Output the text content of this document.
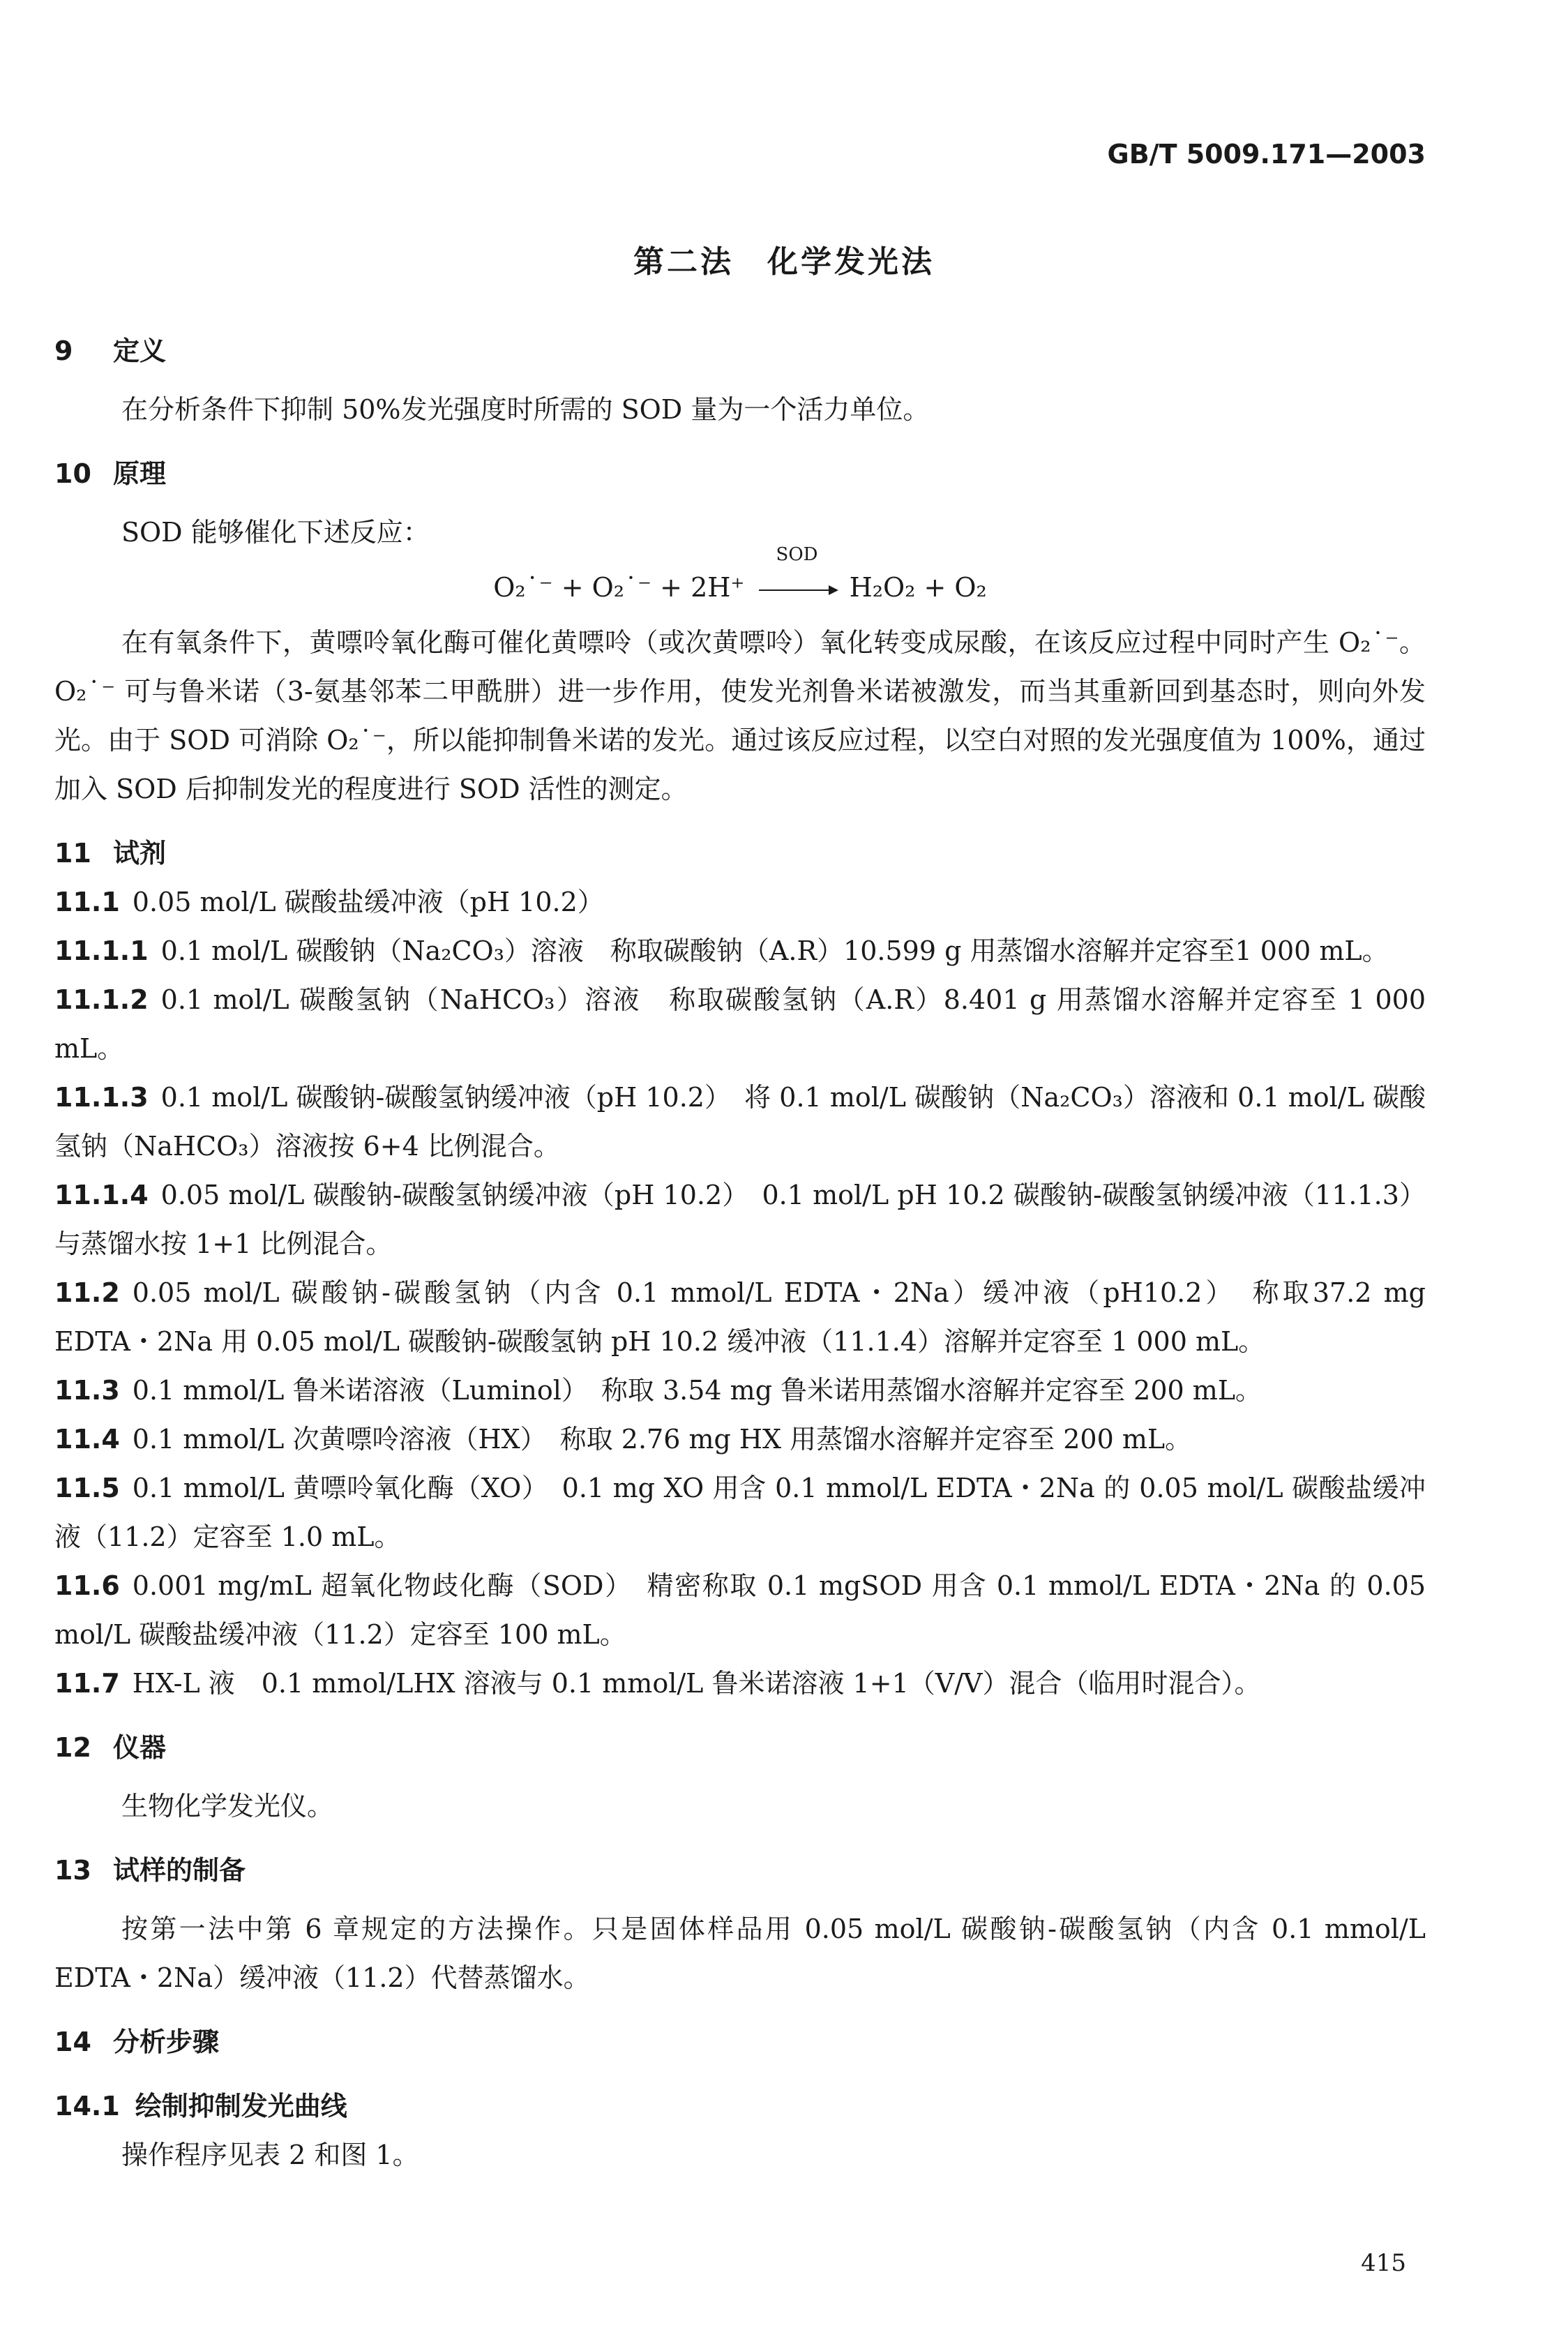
GB/T 5009.171—2003
第二法　化学发光法
9 定义

在分析条件下抑制 50%发光强度时所需的 SOD 量为一个活力单位。

10 原理

SOD 能够催化下述反应：

O₂˙⁻ + O₂˙⁻ + 2H⁺
SOD
H₂O₂ + O₂

在有氧条件下，黄嘌呤氧化酶可催化黄嘌呤（或次黄嘌呤）氧化转变成尿酸，在该反应过程中同时产生 O₂˙⁻。O₂˙⁻ 可与鲁米诺（3-氨基邻苯二甲酰肼）进一步作用，使发光剂鲁米诺被激发，而当其重新回到基态时，则向外发光。由于 SOD 可消除 O₂˙⁻，所以能抑制鲁米诺的发光。通过该反应过程，以空白对照的发光强度值为 100%，通过加入 SOD 后抑制发光的程度进行 SOD 活性的测定。

11 试剂

11.1 0.05 mol/L 碳酸盐缓冲液（pH 10.2）

11.1.1 0.1 mol/L 碳酸钠（Na₂CO₃）溶液　称取碳酸钠（A.R）10.599 g 用蒸馏水溶解并定容至1 000 mL。

11.1.2 0.1 mol/L 碳酸氢钠（NaHCO₃）溶液　称取碳酸氢钠（A.R）8.401 g 用蒸馏水溶解并定容至 1 000 mL。

11.1.3 0.1 mol/L 碳酸钠-碳酸氢钠缓冲液（pH 10.2）　将 0.1 mol/L 碳酸钠（Na₂CO₃）溶液和 0.1 mol/L 碳酸氢钠（NaHCO₃）溶液按 6+4 比例混合。

11.1.4 0.05 mol/L 碳酸钠-碳酸氢钠缓冲液（pH 10.2）　0.1 mol/L pH 10.2 碳酸钠-碳酸氢钠缓冲液（11.1.3）与蒸馏水按 1+1 比例混合。

11.2 0.05 mol/L 碳酸钠-碳酸氢钠（内含 0.1 mmol/L EDTA・2Na）缓冲液（pH10.2）　称取37.2 mg EDTA・2Na 用 0.05 mol/L 碳酸钠-碳酸氢钠 pH 10.2 缓冲液（11.1.4）溶解并定容至 1 000 mL。

11.3 0.1 mmol/L 鲁米诺溶液（Luminol）　称取 3.54 mg 鲁米诺用蒸馏水溶解并定容至 200 mL。

11.4 0.1 mmol/L 次黄嘌呤溶液（HX）　称取 2.76 mg HX 用蒸馏水溶解并定容至 200 mL。

11.5 0.1 mmol/L 黄嘌呤氧化酶（XO）　0.1 mg XO 用含 0.1 mmol/L EDTA・2Na 的 0.05 mol/L 碳酸盐缓冲液（11.2）定容至 1.0 mL。

11.6 0.001 mg/mL 超氧化物歧化酶（SOD）　精密称取 0.1 mgSOD 用含 0.1 mmol/L EDTA・2Na 的 0.05 mol/L 碳酸盐缓冲液（11.2）定容至 100 mL。

11.7 HX-L 液　0.1 mmol/LHX 溶液与 0.1 mmol/L 鲁米诺溶液 1+1（V/V）混合（临用时混合）。

12 仪器

生物化学发光仪。

13 试样的制备

按第一法中第 6 章规定的方法操作。只是固体样品用 0.05 mol/L 碳酸钠-碳酸氢钠（内含 0.1 mmol/L EDTA・2Na）缓冲液（11.2）代替蒸馏水。

14 分析步骤
14.1 绘制抑制发光曲线

操作程序见表 2 和图 1。

415
